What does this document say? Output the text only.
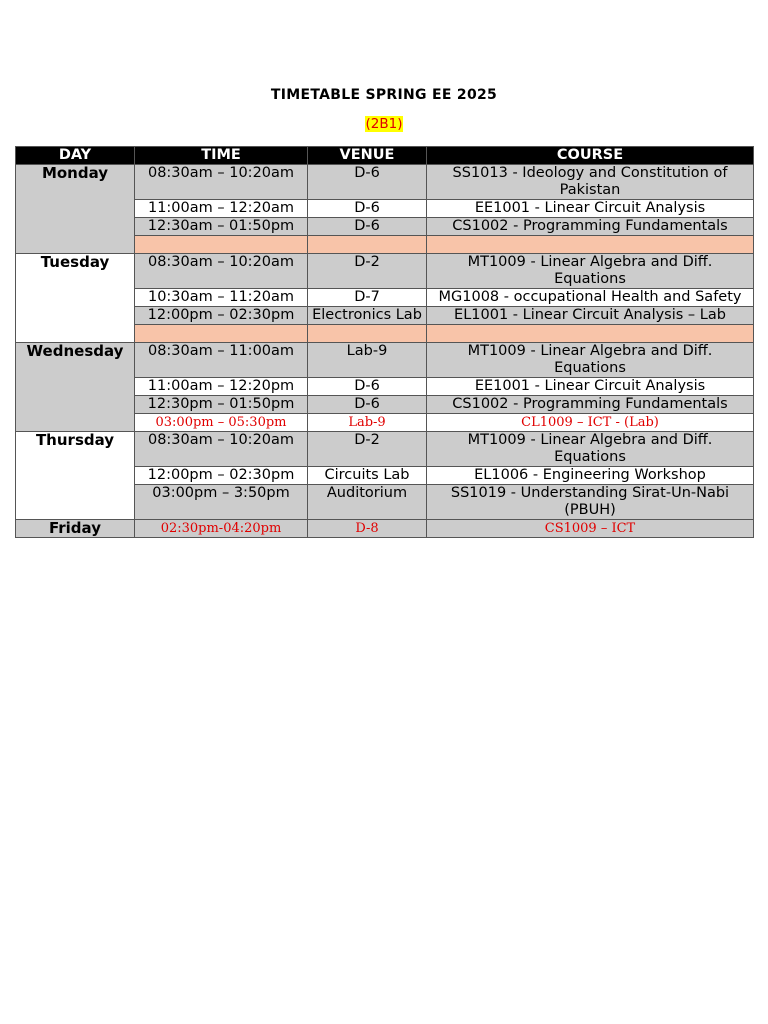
TIMETABLE SPRING EE 2025
(2B1)
DAY	TIME	VENUE	COURSE
Monday	08:30am – 10:20am	D-6	SS1013 - Ideology and Constitution of Pakistan
	11:00am – 12:20am	D-6	EE1001 - Linear Circuit Analysis
	12:30am – 01:50pm	D-6	CS1002 - Programming Fundamentals

Tuesday	08:30am – 10:20am	D-2	MT1009 - Linear Algebra and Diff. Equations
	10:30am – 11:20am	D-7	MG1008 - occupational Health and Safety
	12:00pm – 02:30pm	Electronics Lab	EL1001 - Linear Circuit Analysis – Lab

Wednesday	08:30am – 11:00am	Lab-9	MT1009 - Linear Algebra and Diff. Equations
	11:00am – 12:20pm	D-6	EE1001 - Linear Circuit Analysis
	12:30pm – 01:50pm	D-6	CS1002 - Programming Fundamentals
	03:00pm – 05:30pm	Lab-9	CL1009 – ICT - (Lab)
Thursday	08:30am – 10:20am	D-2	MT1009 - Linear Algebra and Diff. Equations
	12:00pm – 02:30pm	Circuits Lab	EL1006 - Engineering Workshop
	03:00pm – 3:50pm	Auditorium	SS1019 - Understanding Sirat-Un-Nabi (PBUH)
Friday	02:30pm-04:20pm	D-8	CS1009 – ICT
